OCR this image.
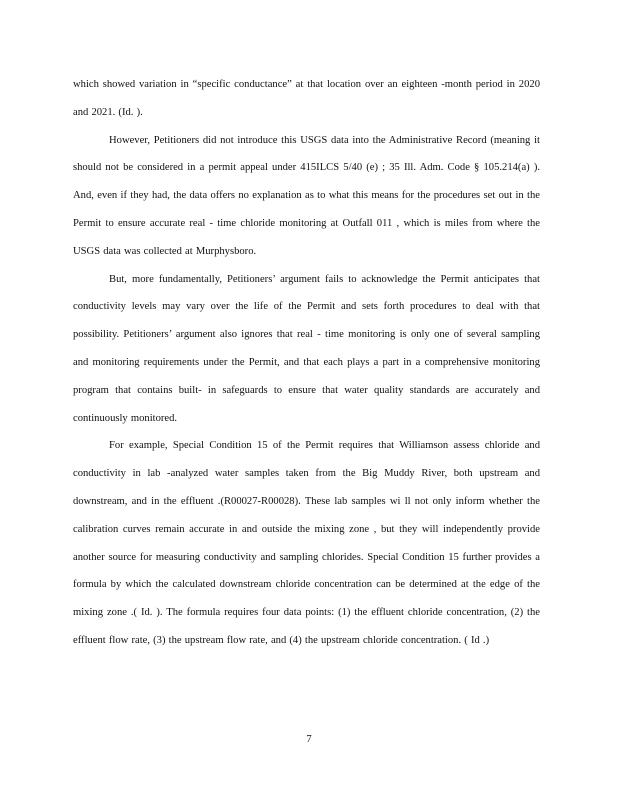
which showed variation in “specific conductance” at that location over an eighteen -month period in 2020 and 2021. (Id. ).

However, Petitioners did not introduce this USGS data into the Administrative Record (meaning it should not be considered in a permit appeal under 415ILCS 5/40 (e) ; 35 Ill. Adm. Code § 105.214(a) ). And, even if they had, the data offers no explanation as to what this means for the procedures set out in the Permit to ensure accurate real - time chloride monitoring at Outfall 011 , which is miles from where the USGS data was collected at Murphysboro.

But, more fundamentally, Petitioners’ argument fails to acknowledge the Permit anticipates that conductivity levels may vary over the life of the Permit and sets forth procedures to deal with that possibility. Petitioners’ argument also ignores that real - time monitoring is only one of several sampling and monitoring requirements under the Permit, and that each plays a part in a comprehensive monitoring program that contains built- in safeguards to ensure that water quality standards are accurately and continuously monitored.

For example, Special Condition 15 of the Permit requires that Williamson assess chloride and conductivity in lab -analyzed water samples taken from the Big Muddy River, both upstream and downstream, and in the effluent .(R00027-R00028). These lab samples wi ll not only inform whether the calibration curves remain accurate in and outside the mixing zone , but they will independently provide another source for measuring conductivity and sampling chlorides. Special Condition 15 further provides a formula by which the calculated downstream chloride concentration can be determined at the edge of the mixing zone .( Id. ). The formula requires four data points: (1) the effluent chloride concentration, (2) the effluent flow rate, (3) the upstream flow rate, and (4) the upstream chloride concentration. ( Id .)

7
